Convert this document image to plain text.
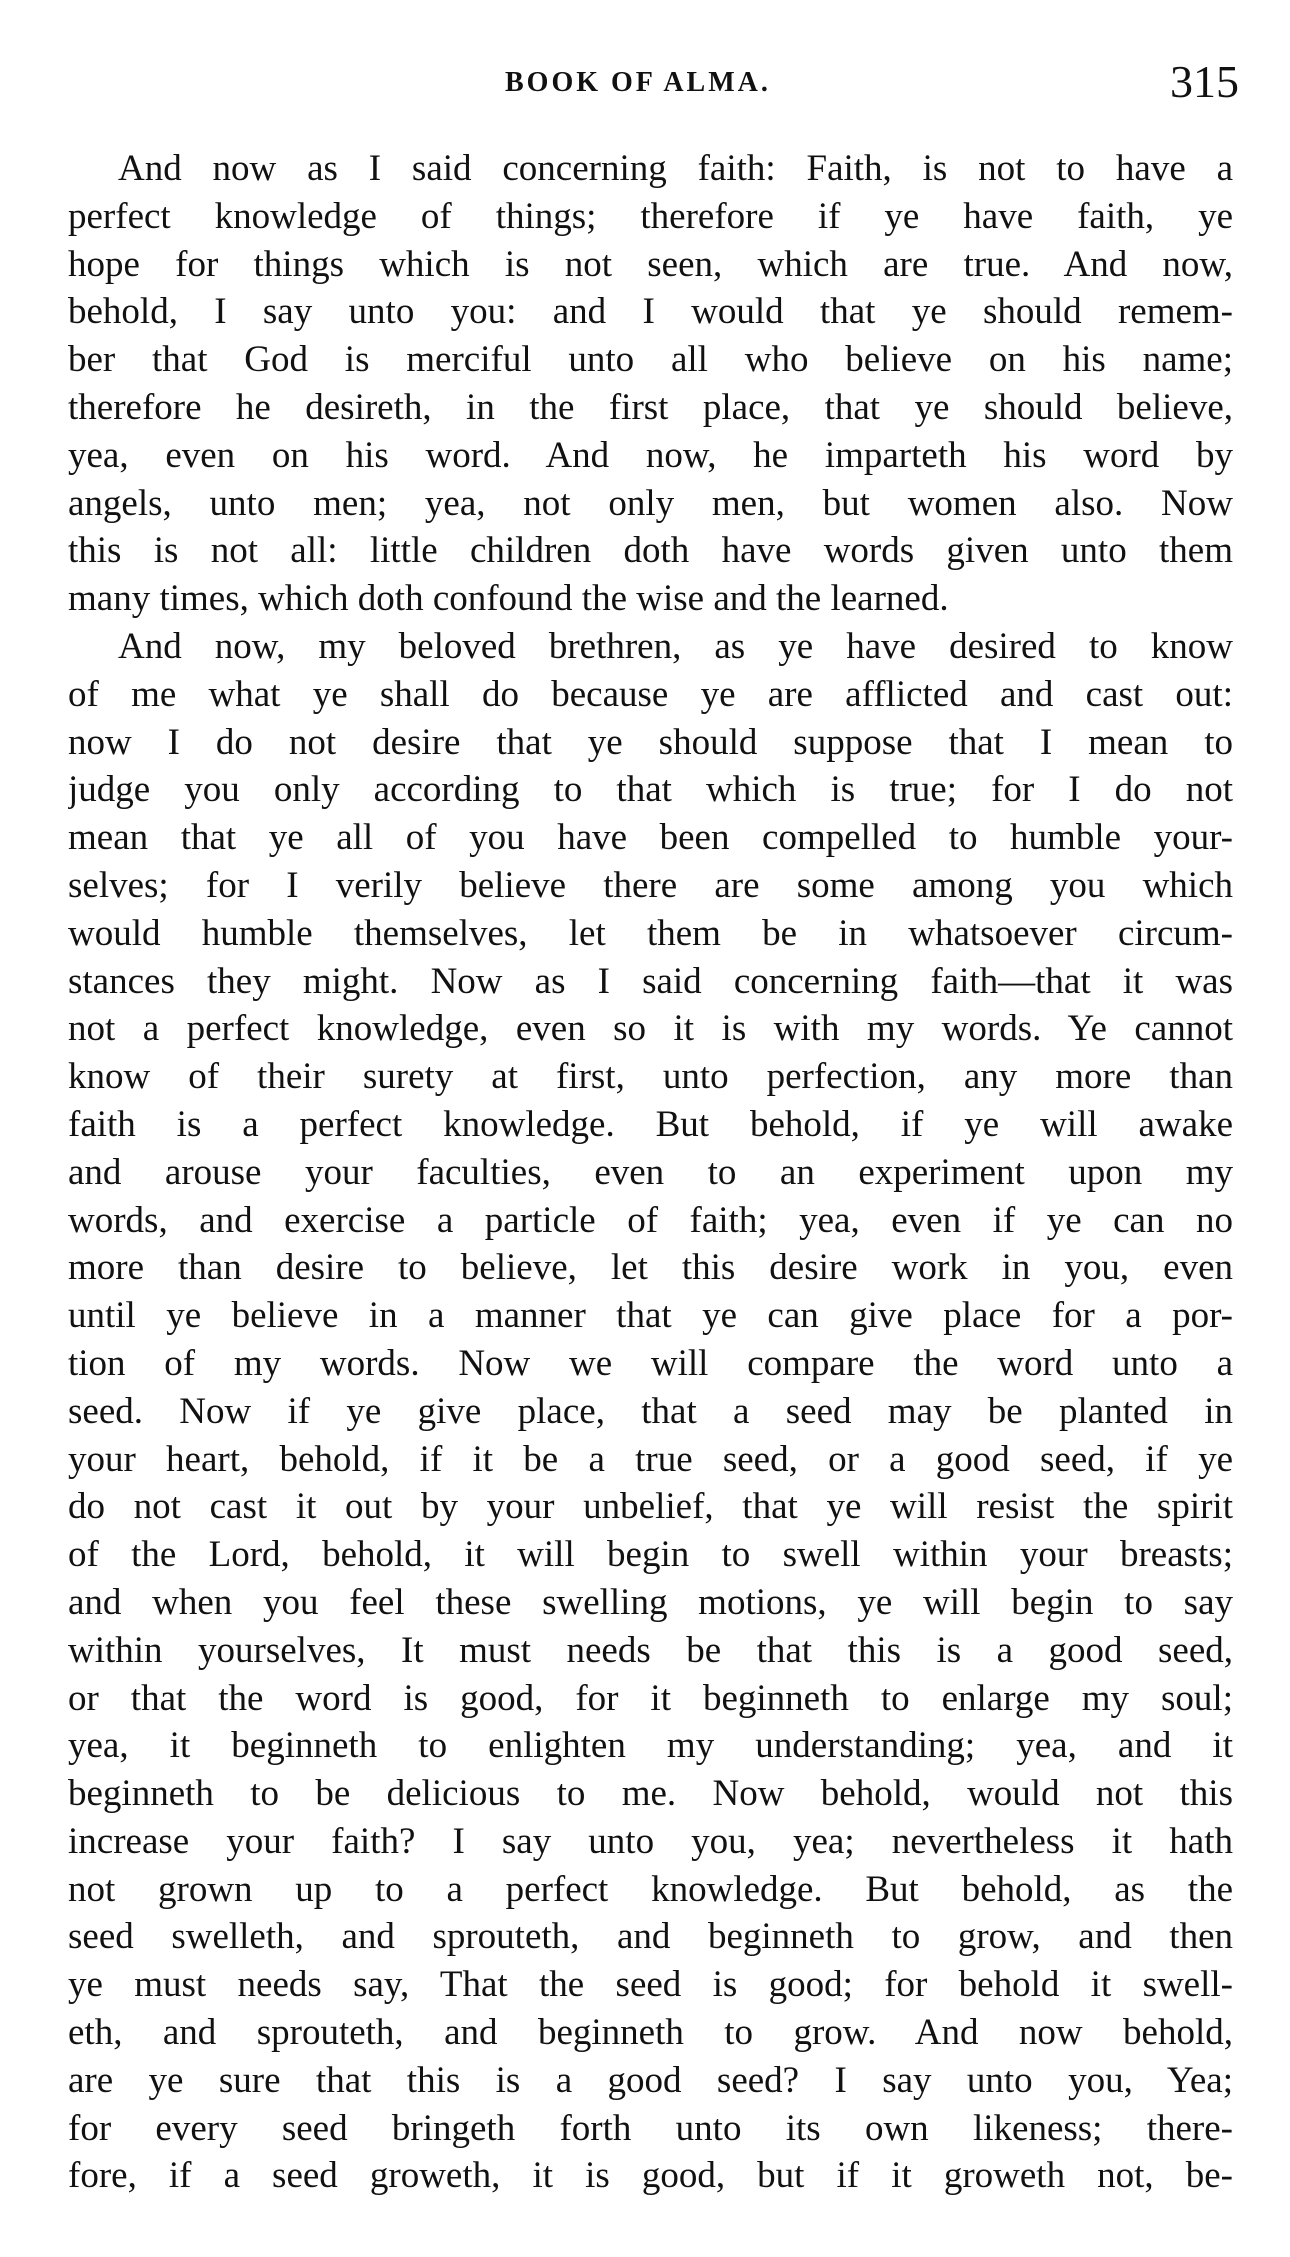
BOOK OF ALMA.	315
And now as I said concerning faith: Faith, is not to have a
perfect knowledge of things; therefore if ye have faith, ye
hope for things which is not seen, which are true. And now,
behold, I say unto you: and I would that ye should remem-
ber that God is merciful unto all who believe on his name;
therefore he desireth, in the first place, that ye should believe,
yea, even on his word. And now, he imparteth his word by
angels, unto men; yea, not only men, but women also. Now
this is not all: little children doth have words given unto them
many times, which doth confound the wise and the learned.
And now, my beloved brethren, as ye have desired to know
of me what ye shall do because ye are afflicted and cast out:
now I do not desire that ye should suppose that I mean to
judge you only according to that which is true; for I do not
mean that ye all of you have been compelled to humble your-
selves; for I verily believe there are some among you which
would humble themselves, let them be in whatsoever circum-
stances they might. Now as I said concerning faith—that it was
not a perfect knowledge, even so it is with my words. Ye cannot
know of their surety at first, unto perfection, any more than
faith is a perfect knowledge. But behold, if ye will awake
and arouse your faculties, even to an experiment upon my
words, and exercise a particle of faith; yea, even if ye can no
more than desire to believe, let this desire work in you, even
until ye believe in a manner that ye can give place for a por-
tion of my words. Now we will compare the word unto a
seed. Now if ye give place, that a seed may be planted in
your heart, behold, if it be a true seed, or a good seed, if ye
do not cast it out by your unbelief, that ye will resist the spirit
of the Lord, behold, it will begin to swell within your breasts;
and when you feel these swelling motions, ye will begin to say
within yourselves, It must needs be that this is a good seed,
or that the word is good, for it beginneth to enlarge my soul;
yea, it beginneth to enlighten my understanding; yea, and it
beginneth to be delicious to me. Now behold, would not this
increase your faith? I say unto you, yea; nevertheless it hath
not grown up to a perfect knowledge. But behold, as the
seed swelleth, and sprouteth, and beginneth to grow, and then
ye must needs say, That the seed is good; for behold it swell-
eth, and sprouteth, and beginneth to grow. And now behold,
are ye sure that this is a good seed? I say unto you, Yea;
for every seed bringeth forth unto its own likeness; there-
fore, if a seed groweth, it is good, but if it groweth not, be-
